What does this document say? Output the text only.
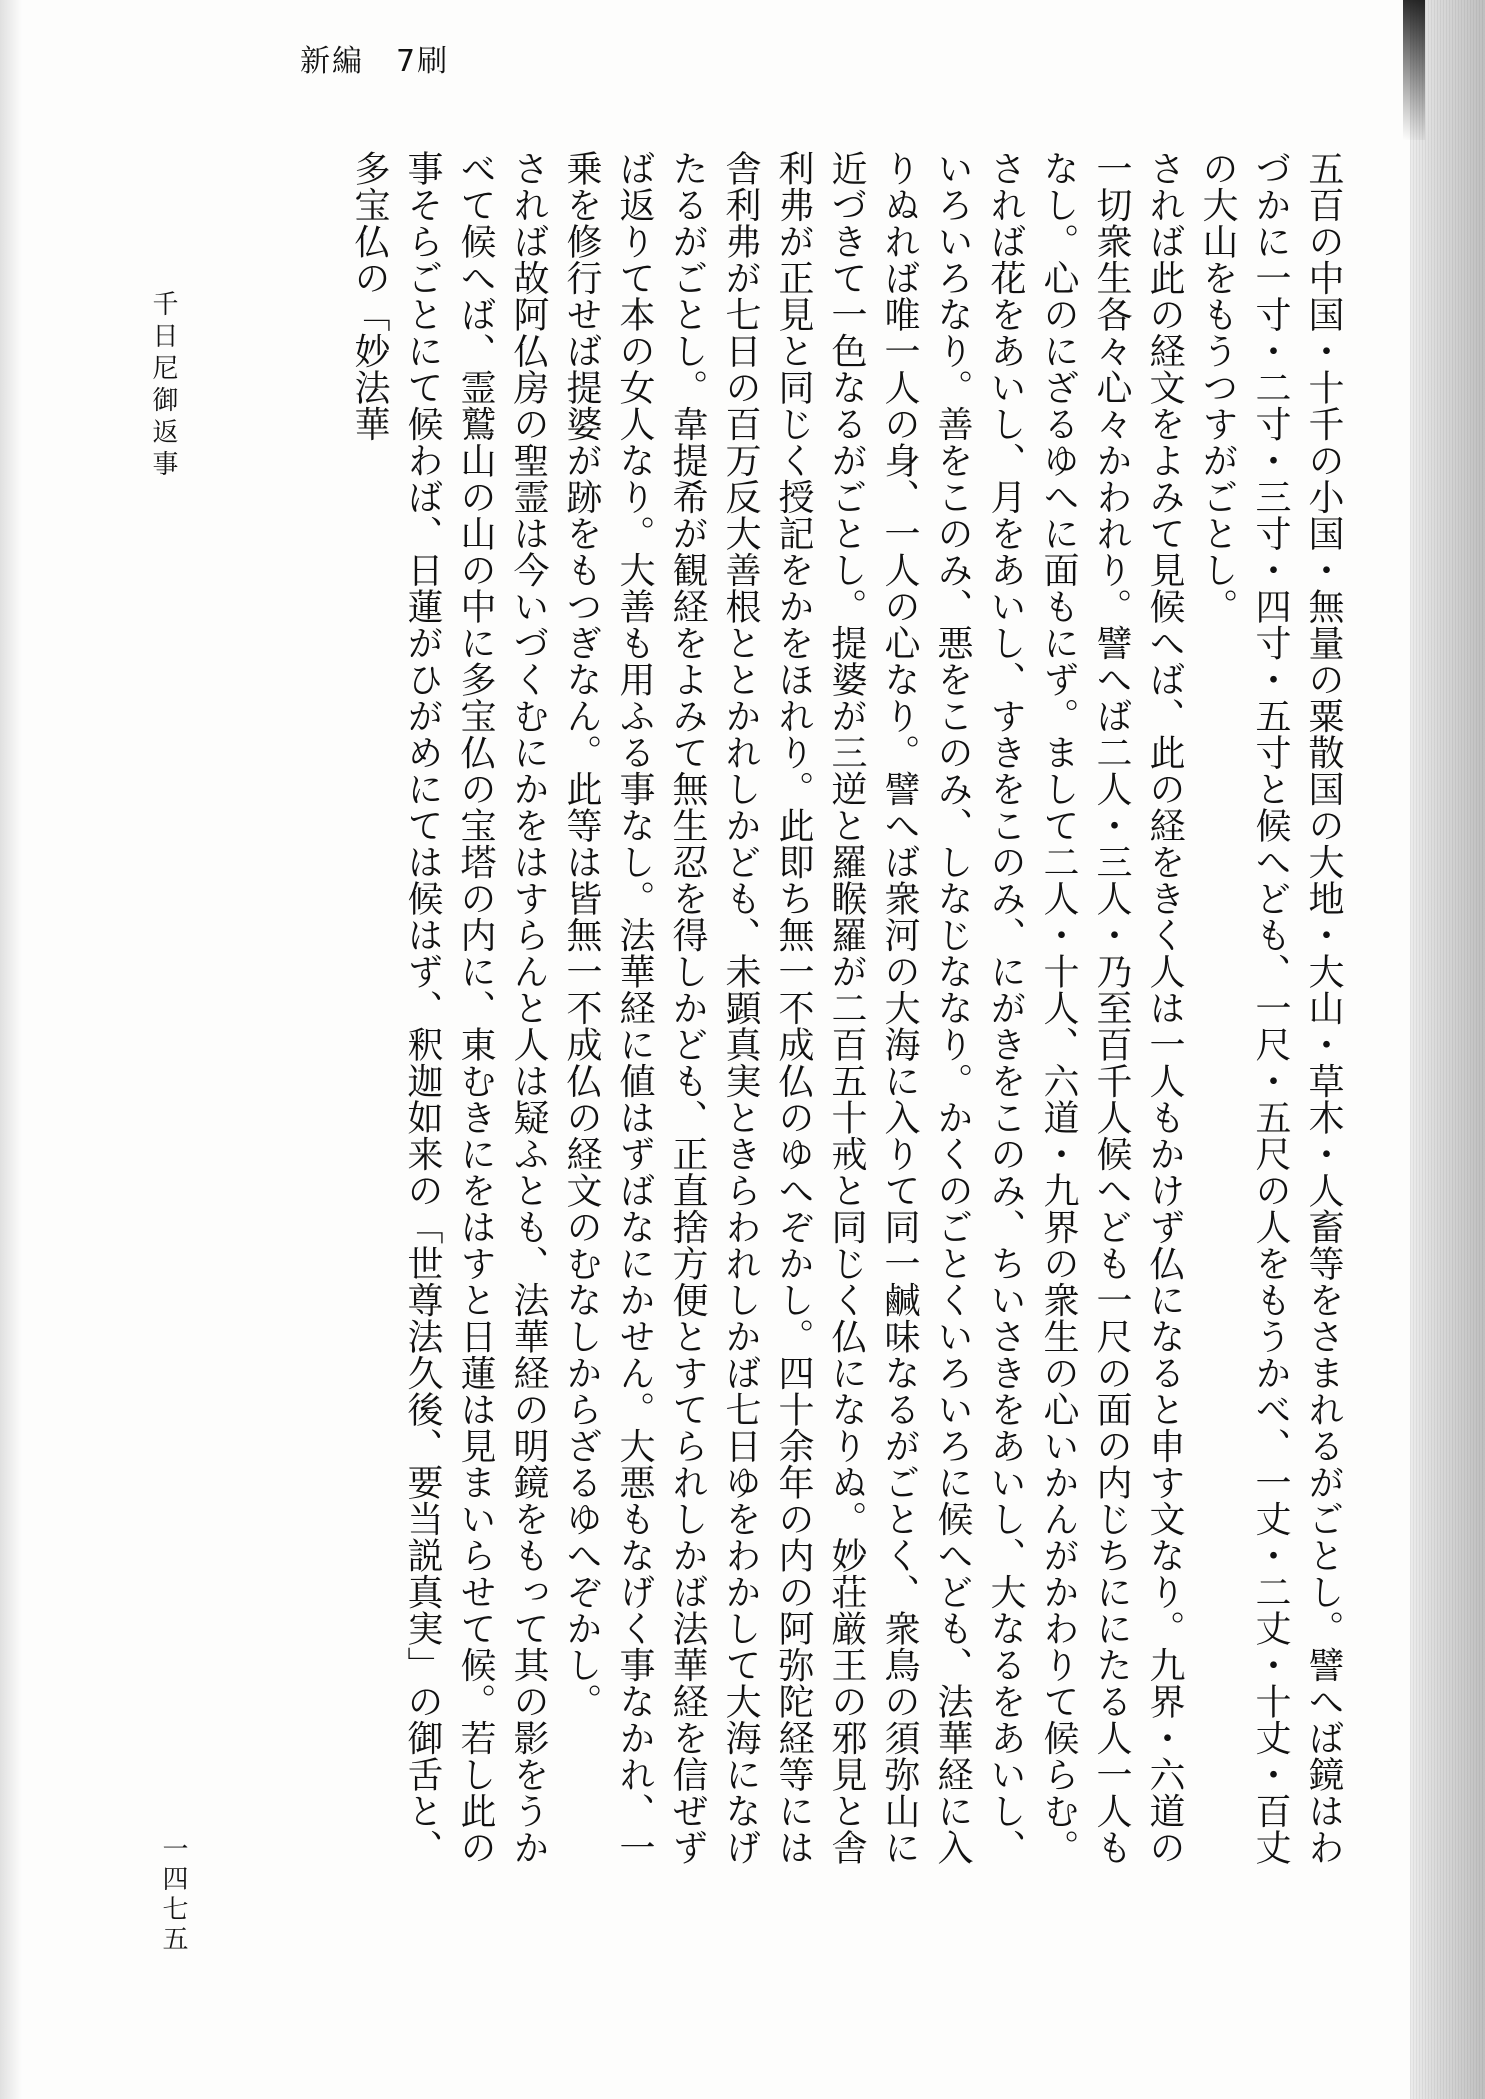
新編　7刷

五百の中国・十千の小国・無量の粟散国の大地・大山・草木・人畜等をさまれるがごとし。譬へば鏡はわづかに一寸・二寸・三寸・四寸・五寸と候へども、一尺・五尺の人をもうかべ、一丈・二丈・十丈・百丈の大山をもうつすがごとし。

されば此の経文をよみて見候へば、此の経をきく人は一人もかけず仏になると申す文なり。九界・六道の一切衆生各々心々かわれり。譬へば二人・三人・乃至百千人候へども一尺の面の内じちににたる人一人もなし。心のにざるゆへに面もにず。まして二人・十人、六道・九界の衆生の心いかんがかわりて候らむ。されば花をあいし、月をあいし、すきをこのみ、にがきをこのみ、ちいさきをあいし、大なるをあいし、いろいろなり。善をこのみ、悪をこのみ、しなじななり。かくのごとくいろいろに候へども、法華経に入りぬれば唯一人の身、一人の心なり。譬へば衆河の大海に入りて同一鹹味なるがごとく、衆鳥の須弥山に近づきて一色なるがごとし。提婆が三逆と羅睺羅が二百五十戒と同じく仏になりぬ。妙荘厳王の邪見と舎利弗が正見と同じく授記をかをほれり。此即ち無一不成仏のゆへぞかし。四十余年の内の阿弥陀経等には舎利弗が七日の百万反大善根ととかれしかども、未顕真実ときらわれしかば七日ゆをわかして大海になげたるがごとし。韋提希が観経をよみて無生忍を得しかども、正直捨方便とすてられしかば法華経を信ぜずば返りて本の女人なり。大善も用ふる事なし。法華経に値はずばなにかせん。大悪もなげく事なかれ、一乗を修行せば提婆が跡をもつぎなん。此等は皆無一不成仏の経文のむなしからざるゆへぞかし。

されば故阿仏房の聖霊は今いづくむにかをはすらんと人は疑ふとも、法華経の明鏡をもって其の影をうかべて候へば、霊鷲山の山の中に多宝仏の宝塔の内に、東むきにをはすと日蓮は見まいらせて候。若し此の事そらごとにて候わば、日蓮がひがめにては候はず、釈迦如来の「世尊法久後、要当説真実」の御舌と、多宝仏の「妙法華

千日尼御返事
一四七五
